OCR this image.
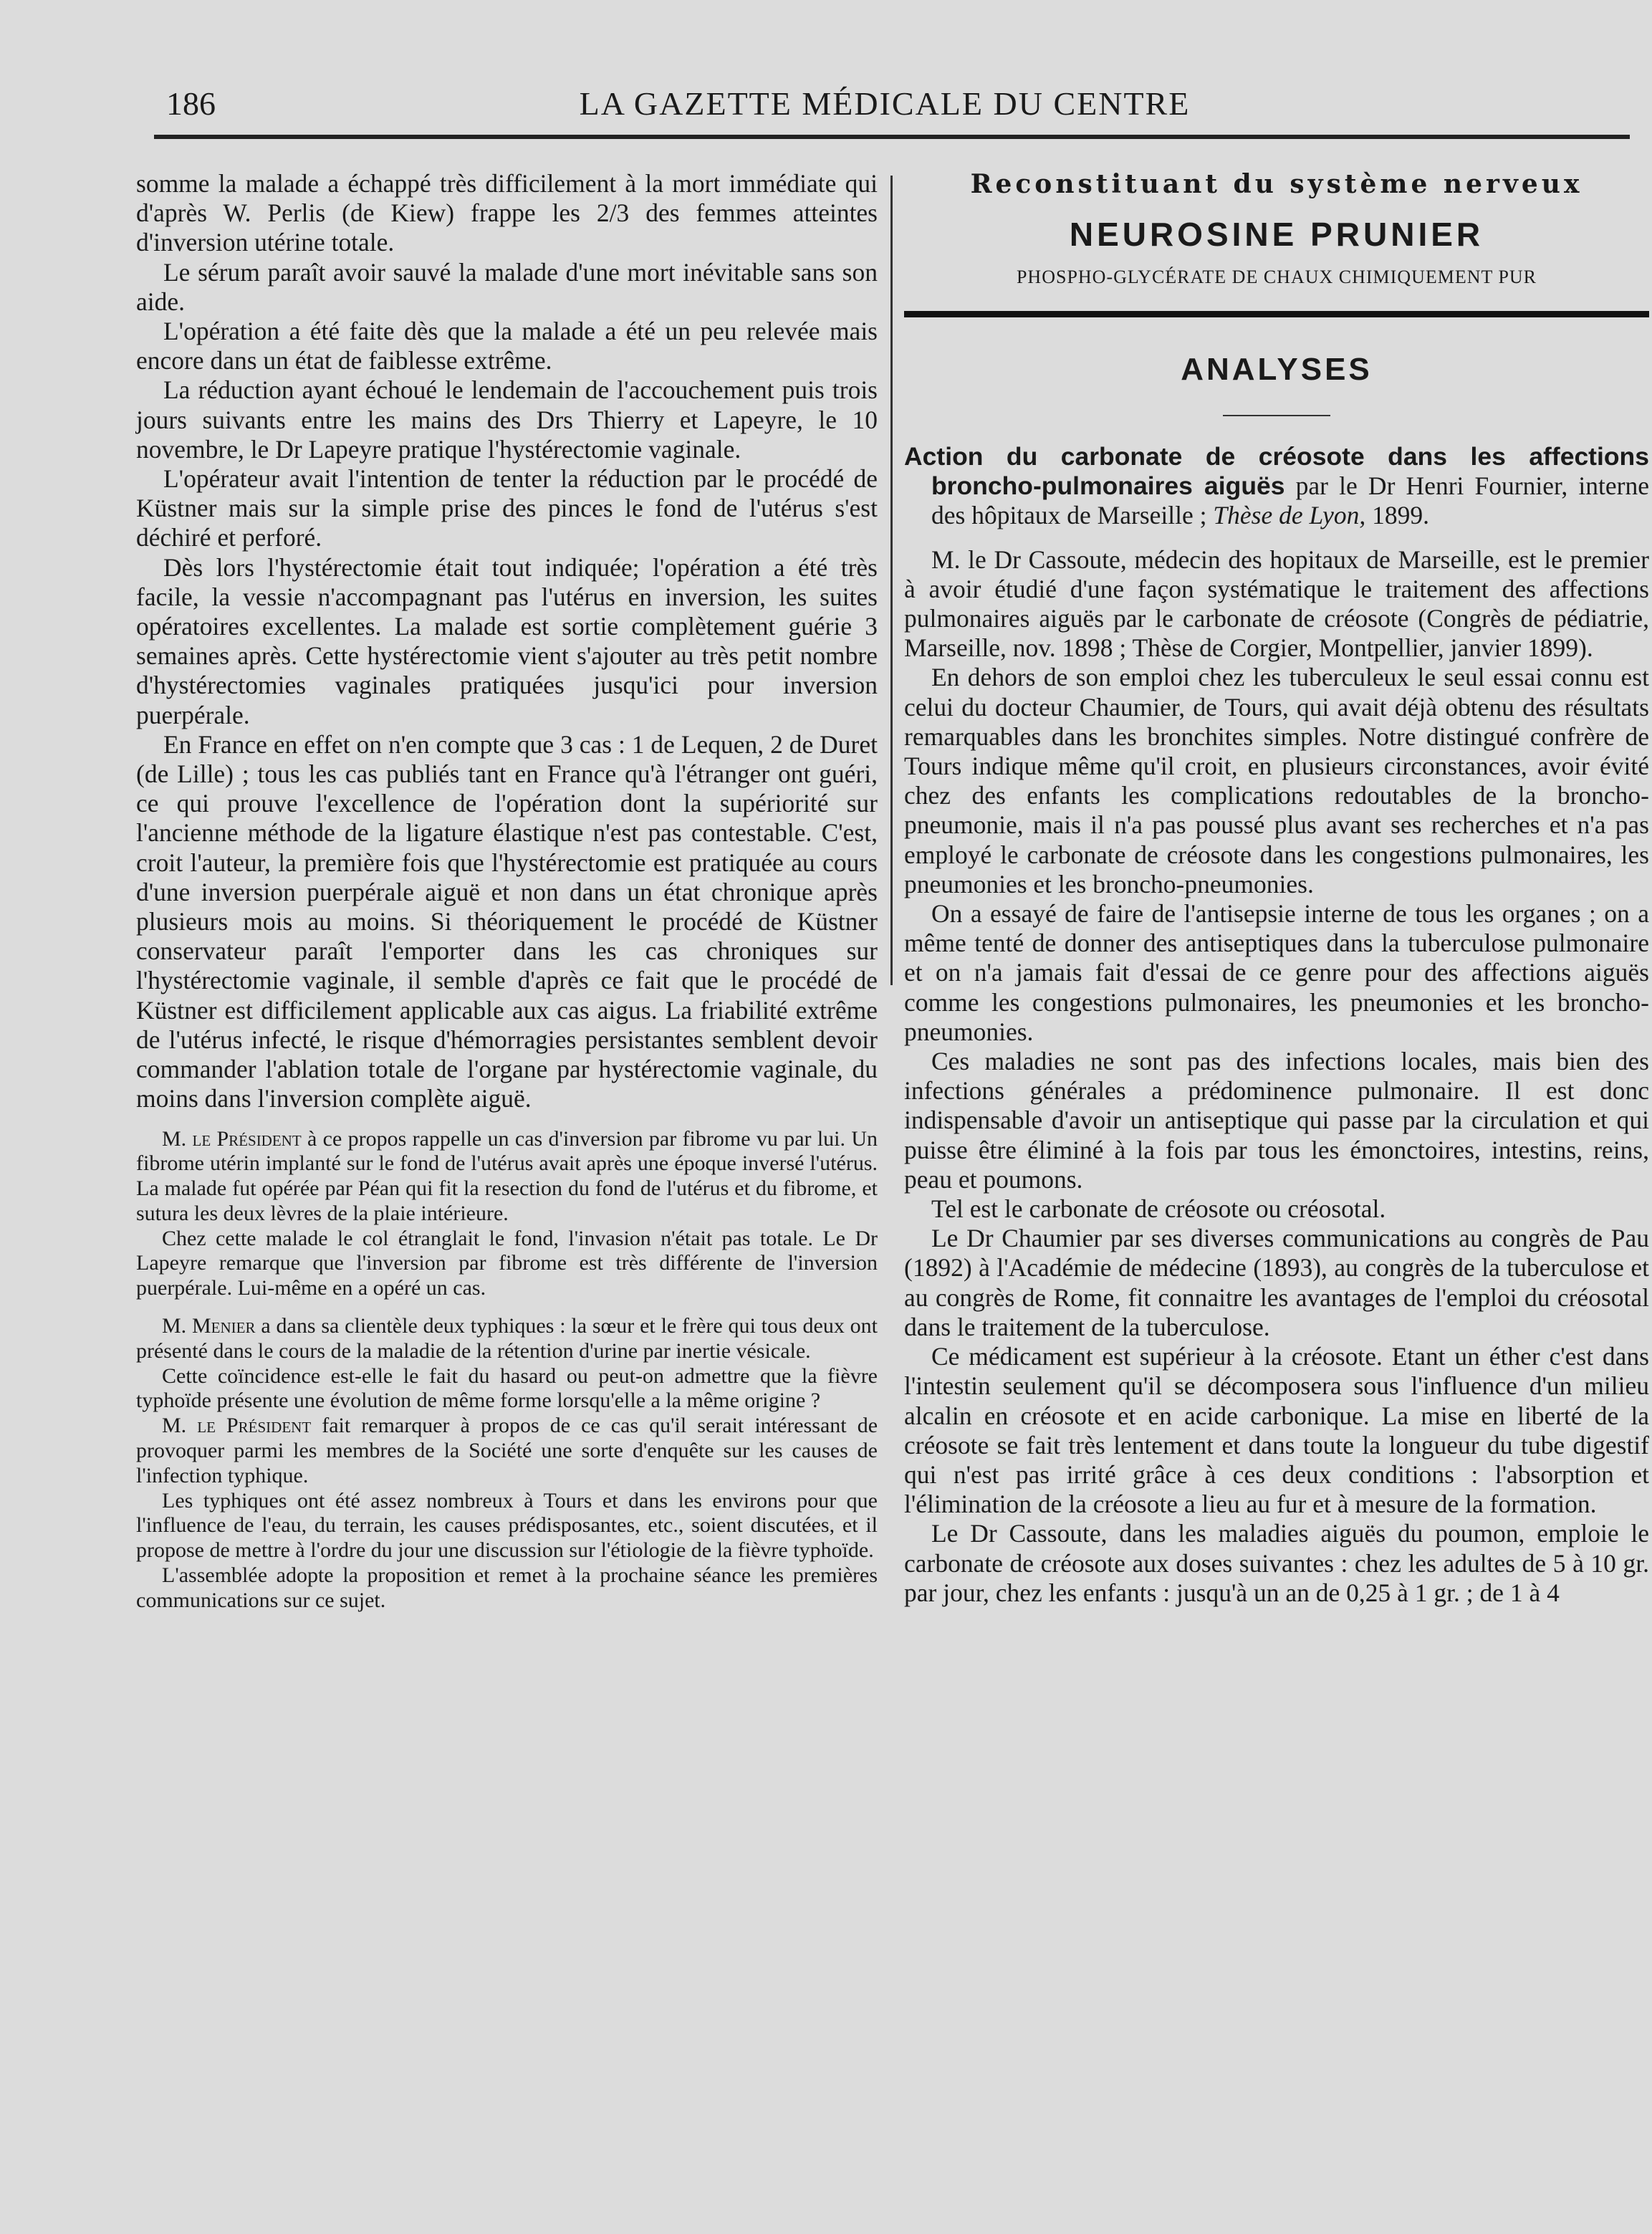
186	LA GAZETTE MÉDICALE DU CENTRE

somme la malade a échappé très difficilement à la mort immédiate qui d'après W. Perlis (de Kiew) frappe les 2/3 des femmes atteintes d'inversion utérine totale.

Le sérum paraît avoir sauvé la malade d'une mort inévitable sans son aide.

L'opération a été faite dès que la malade a été un peu relevée mais encore dans un état de faiblesse extrême.

La réduction ayant échoué le lendemain de l'accouchement puis trois jours suivants entre les mains des Drs Thierry et Lapeyre, le 10 novembre, le Dr Lapeyre pratique l'hystérectomie vaginale.

L'opérateur avait l'intention de tenter la réduction par le procédé de Küstner mais sur la simple prise des pinces le fond de l'utérus s'est déchiré et perforé.

Dès lors l'hystérectomie était tout indiquée; l'opération a été très facile, la vessie n'accompagnant pas l'utérus en inversion, les suites opératoires excellentes. La malade est sortie complètement guérie 3 semaines après. Cette hystérectomie vient s'ajouter au très petit nombre d'hystérectomies vaginales pratiquées jusqu'ici pour inversion puerpérale.

En France en effet on n'en compte que 3 cas : 1 de Lequen, 2 de Duret (de Lille) ; tous les cas publiés tant en France qu'à l'étranger ont guéri, ce qui prouve l'excellence de l'opération dont la supériorité sur l'ancienne méthode de la ligature élastique n'est pas contestable. C'est, croit l'auteur, la première fois que l'hystérectomie est pratiquée au cours d'une inversion puerpérale aiguë et non dans un état chronique après plusieurs mois au moins. Si théoriquement le procédé de Küstner conservateur paraît l'emporter dans les cas chroniques sur l'hystérectomie vaginale, il semble d'après ce fait que le procédé de Küstner est difficilement applicable aux cas aigus. La friabilité extrême de l'utérus infecté, le risque d'hémorragies persistantes semblent devoir commander l'ablation totale de l'organe par hystérectomie vaginale, du moins dans l'inversion complète aiguë.

M. le Président à ce propos rappelle un cas d'inversion par fibrome vu par lui. Un fibrome utérin implanté sur le fond de l'utérus avait après une époque inversé l'utérus. La malade fut opérée par Péan qui fit la resection du fond de l'utérus et du fibrome, et sutura les deux lèvres de la plaie intérieure.

Chez cette malade le col étranglait le fond, l'invasion n'était pas totale. Le Dr Lapeyre remarque que l'inversion par fibrome est très différente de l'inversion puerpérale. Lui-même en a opéré un cas.

M. Menier a dans sa clientèle deux typhiques : la sœur et le frère qui tous deux ont présenté dans le cours de la maladie de la rétention d'urine par inertie vésicale.

Cette coïncidence est-elle le fait du hasard ou peut-on admettre que la fièvre typhoïde présente une évolution de même forme lorsqu'elle a la même origine ?

M. le Président fait remarquer à propos de ce cas qu'il serait intéressant de provoquer parmi les membres de la Société une sorte d'enquête sur les causes de l'infection typhique.

Les typhiques ont été assez nombreux à Tours et dans les environs pour que l'influence de l'eau, du terrain, les causes prédisposantes, etc., soient discutées, et il propose de mettre à l'ordre du jour une discussion sur l'étiologie de la fièvre typhoïde.

L'assemblée adopte la proposition et remet à la prochaine séance les premières communications sur ce sujet.

Reconstituant du système nerveux
NEUROSINE PRUNIER
PHOSPHO-GLYCÉRATE DE CHAUX CHIMIQUEMENT PUR
ANALYSES
Action du carbonate de créosote dans les affections broncho-pulmonaires aiguës par le Dr Henri Fournier, interne des hôpitaux de Marseille ; Thèse de Lyon, 1899.

M. le Dr Cassoute, médecin des hopitaux de Marseille, est le premier à avoir étudié d'une façon systématique le traitement des affections pulmonaires aiguës par le carbonate de créosote (Congrès de pédiatrie, Marseille, nov. 1898 ; Thèse de Corgier, Montpellier, janvier 1899).

En dehors de son emploi chez les tuberculeux le seul essai connu est celui du docteur Chaumier, de Tours, qui avait déjà obtenu des résultats remarquables dans les bronchites simples. Notre distingué confrère de Tours indique même qu'il croit, en plusieurs circonstances, avoir évité chez des enfants les complications redoutables de la broncho-pneumonie, mais il n'a pas poussé plus avant ses recherches et n'a pas employé le carbonate de créosote dans les congestions pulmonaires, les pneumonies et les broncho-pneumonies.

On a essayé de faire de l'antisepsie interne de tous les organes ; on a même tenté de donner des antiseptiques dans la tuberculose pulmonaire et on n'a jamais fait d'essai de ce genre pour des affections aiguës comme les congestions pulmonaires, les pneumonies et les broncho-pneumonies.

Ces maladies ne sont pas des infections locales, mais bien des infections générales a prédominence pulmonaire. Il est donc indispensable d'avoir un antiseptique qui passe par la circulation et qui puisse être éliminé à la fois par tous les émonctoires, intestins, reins, peau et poumons.

Tel est le carbonate de créosote ou créosotal.

Le Dr Chaumier par ses diverses communications au congrès de Pau (1892) à l'Académie de médecine (1893), au congrès de la tuberculose et au congrès de Rome, fit connaitre les avantages de l'emploi du créosotal dans le traitement de la tuberculose.

Ce médicament est supérieur à la créosote. Etant un éther c'est dans l'intestin seulement qu'il se décomposera sous l'influence d'un milieu alcalin en créosote et en acide carbonique. La mise en liberté de la créosote se fait très lentement et dans toute la longueur du tube digestif qui n'est pas irrité grâce à ces deux conditions : l'absorption et l'élimination de la créosote a lieu au fur et à mesure de la formation.

Le Dr Cassoute, dans les maladies aiguës du poumon, emploie le carbonate de créosote aux doses suivantes : chez les adultes de 5 à 10 gr. par jour, chez les enfants : jusqu'à un an de 0,25 à 1 gr. ; de 1 à 4
